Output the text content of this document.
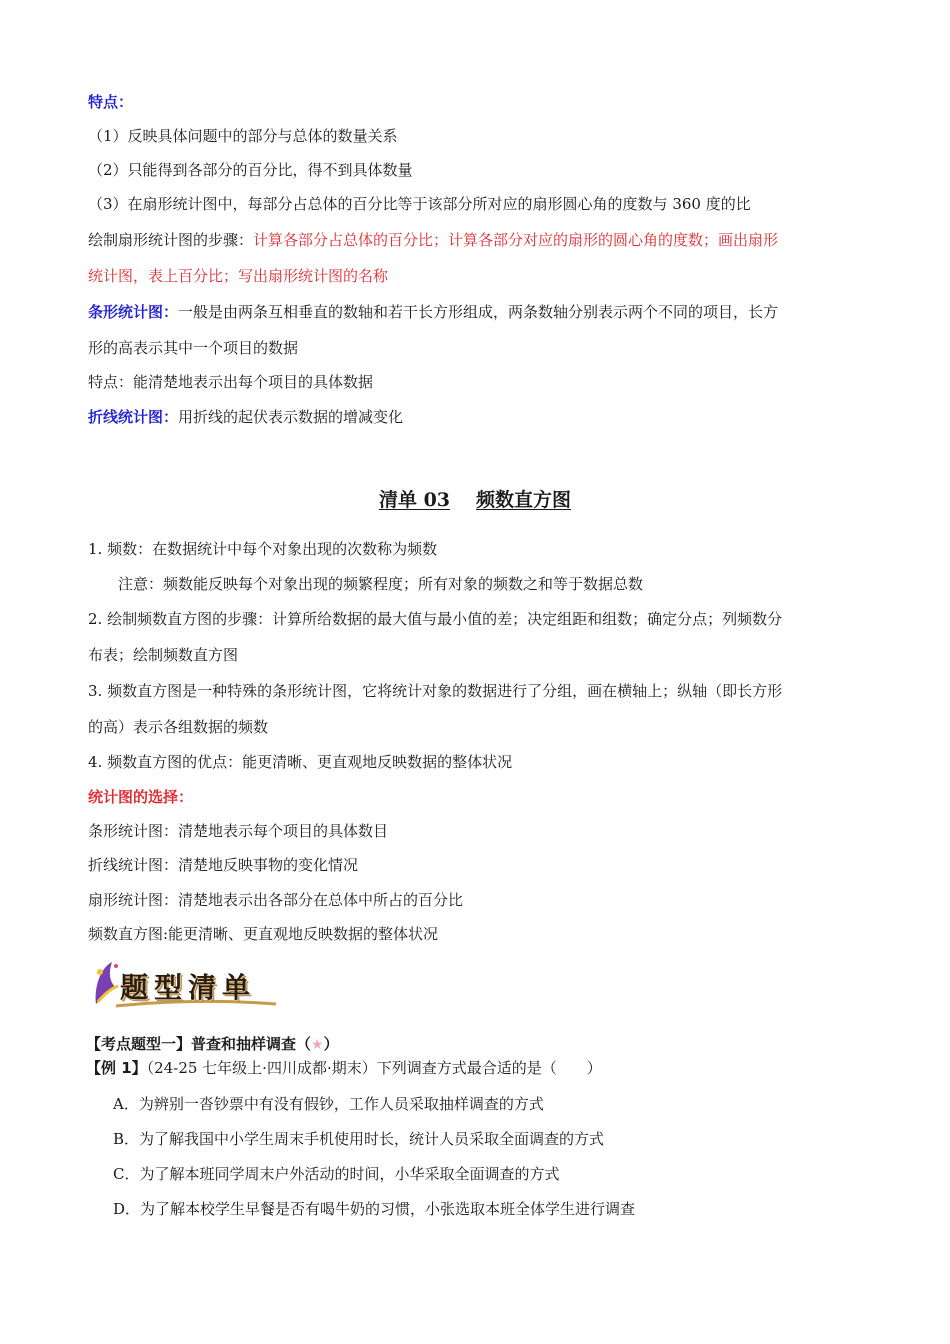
特点：
（1）反映具体问题中的部分与总体的数量关系
（2）只能得到各部分的百分比，得不到具体数量
（3）在扇形统计图中，每部分占总体的百分比等于该部分所对应的扇形圆心角的度数与 360 度的比
绘制扇形统计图的步骤：计算各部分占总体的百分比；计算各部分对应的扇形的圆心角的度数；画出扇形
统计图，表上百分比；写出扇形统计图的名称
条形统计图：一般是由两条互相垂直的数轴和若干长方形组成，两条数轴分别表示两个不同的项目，长方
形的高表示其中一个项目的数据
特点：能清楚地表示出每个项目的具体数据
折线统计图：用折线的起伏表示数据的增减变化
清单 03 频数直方图
1. 频数：在数据统计中每个对象出现的次数称为频数
注意：频数能反映每个对象出现的频繁程度；所有对象的频数之和等于数据总数
2. 绘制频数直方图的步骤：计算所给数据的最大值与最小值的差；决定组距和组数；确定分点；列频数分
布表；绘制频数直方图
3. 频数直方图是一种特殊的条形统计图，它将统计对象的数据进行了分组，画在横轴上；纵轴（即长方形
的高）表示各组数据的频数
4. 频数直方图的优点：能更清晰、更直观地反映数据的整体状况
统计图的选择：
条形统计图：清楚地表示每个项目的具体数目
折线统计图：清楚地反映事物的变化情况
扇形统计图：清楚地表示出各部分在总体中所占的百分比
频数直方图:能更清晰、更直观地反映数据的整体状况
题型清单
【考点题型一】普查和抽样调查（★）
【例 1】（24-25 七年级上·四川成都·期末）下列调查方式最合适的是（　　）
A．为辨别一沓钞票中有没有假钞，工作人员采取抽样调查的方式
B．为了解我国中小学生周末手机使用时长，统计人员采取全面调查的方式
C．为了解本班同学周末户外活动的时间，小华采取全面调查的方式
D．为了解本校学生早餐是否有喝牛奶的习惯，小张选取本班全体学生进行调查
